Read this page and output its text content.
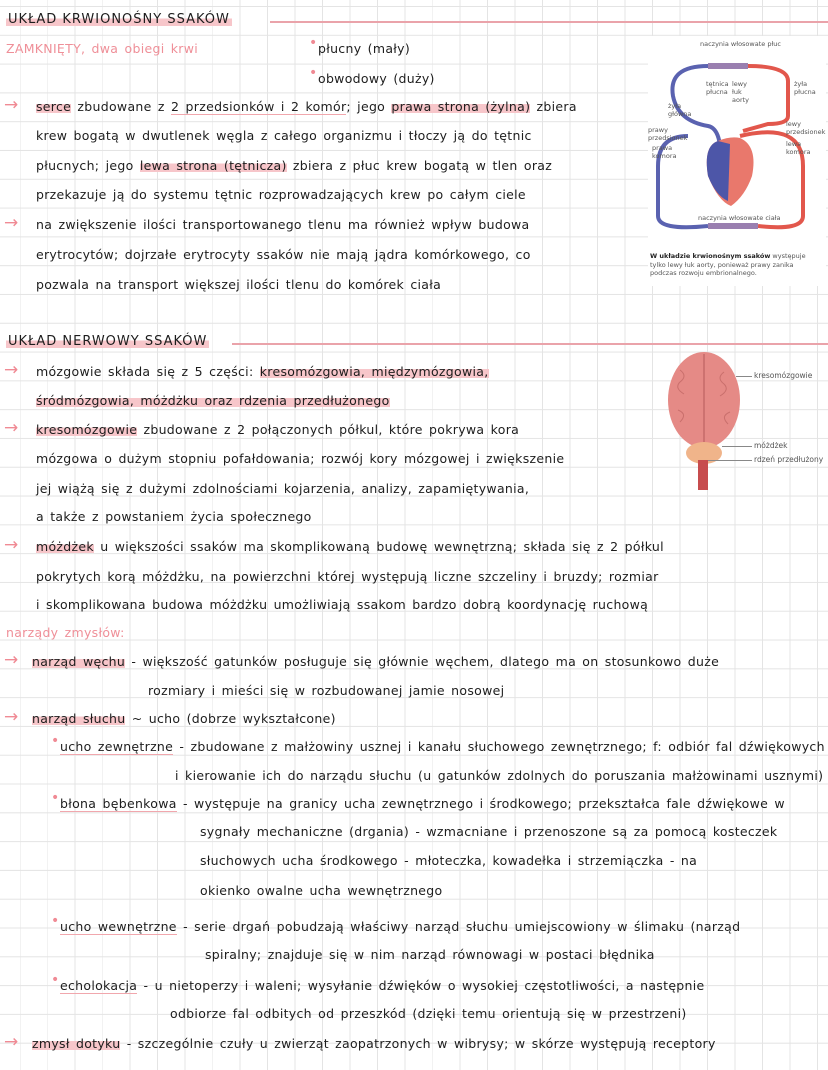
UKŁAD KRWIONOŚNY SSAKÓW
UKŁAD NERWOWY SSAKÓW
ZAMKNIĘTY, dwa obiegi krwi	• płucny (mały)
• obwodowy (duży)
→ serce zbudowane z 2 przedsionków i 2 komór; jego prawa strona (żylna) zbiera
krew bogatą w dwutlenek węgla z całego organizmu i tłoczy ją do tętnic
płucnych; jego lewa strona (tętnicza) zbiera z płuc krew bogatą w tlen oraz
przekazuje ją do systemu tętnic rozprowadzających krew po całym ciele
→ na zwiększenie ilości transportowanego tlenu ma również wpływ budowa
erytrocytów; dojrzałe erytrocyty ssaków nie mają jądra komórkowego, co
pozwala na transport większej ilości tlenu do komórek ciała
→ mózgowie składa się z 5 części: kresomózgowia, międzymózgowia,
śródmózgowia, móżdżku oraz rdzenia przedłużonego
→ kresomózgowie zbudowane z 2 połączonych półkul, które pokrywa kora
mózgowa o dużym stopniu pofałdowania; rozwój kory mózgowej i zwiększenie
jej wiążą się z dużymi zdolnościami kojarzenia, analizy, zapamiętywania,
a także z powstaniem życia społecznego
→ móżdżek u większości ssaków ma skomplikowaną budowę wewnętrzną; składa się z 2 półkul
pokrytych korą móżdżku, na powierzchni której występują liczne szczeliny i bruzdy; rozmiar
i skomplikowana budowa móżdżku umożliwiają ssakom bardzo dobrą koordynację ruchową
narządy zmysłów:
→ narząd węchu - większość gatunków posługuje się głównie węchem, dlatego ma on stosunkowo duże
rozmiary i mieści się w rozbudowanej jamie nosowej
→ narząd słuchu ~ ucho (dobrze wykształcone)
• ucho zewnętrzne - zbudowane z małżowiny usznej i kanału słuchowego zewnętrznego; f: odbiór fal dźwiękowych
i kierowanie ich do narządu słuchu (u gatunków zdolnych do poruszania małżowinami usznymi)
• błona bębenkowa - występuje na granicy ucha zewnętrznego i środkowego; przekształca fale dźwiękowe w
sygnały mechaniczne (drgania) - wzmacniane i przenoszone są za pomocą kosteczek
słuchowych ucha środkowego - młoteczka, kowadełka i strzemiączka - na
okienko owalne ucha wewnętrznego
• ucho wewnętrzne - serie drgań pobudzają właściwy narząd słuchu umiejscowiony w ślimaku (narząd
spiralny; znajduje się w nim narząd równowagi w postaci błędnika
• echolokacja - u nietoperzy i waleni; wysyłanie dźwięków o wysokiej częstotliwości, a następnie
odbiorze fal odbitych od przeszkód (dzięki temu orientują się w przestrzeni)
→ zmysł dotyku - szczególnie czuły u zwierząt zaopatrzonych w wibrysy; w skórze występują receptory
naczynia włosowate płuc
tętnica płucna
lewy łuk aorty
żyła płucna
żyła główna
prawy przedsionek
prawa komora
lewy przedsionek
lewa komora
naczynia włosowate ciała
W układzie krwionośnym ssaków występuje tylko lewy łuk aorty, ponieważ prawy zanika podczas rozwoju embrionalnego.
kresomózgowie
móżdżek
rdzeń przedłużony
